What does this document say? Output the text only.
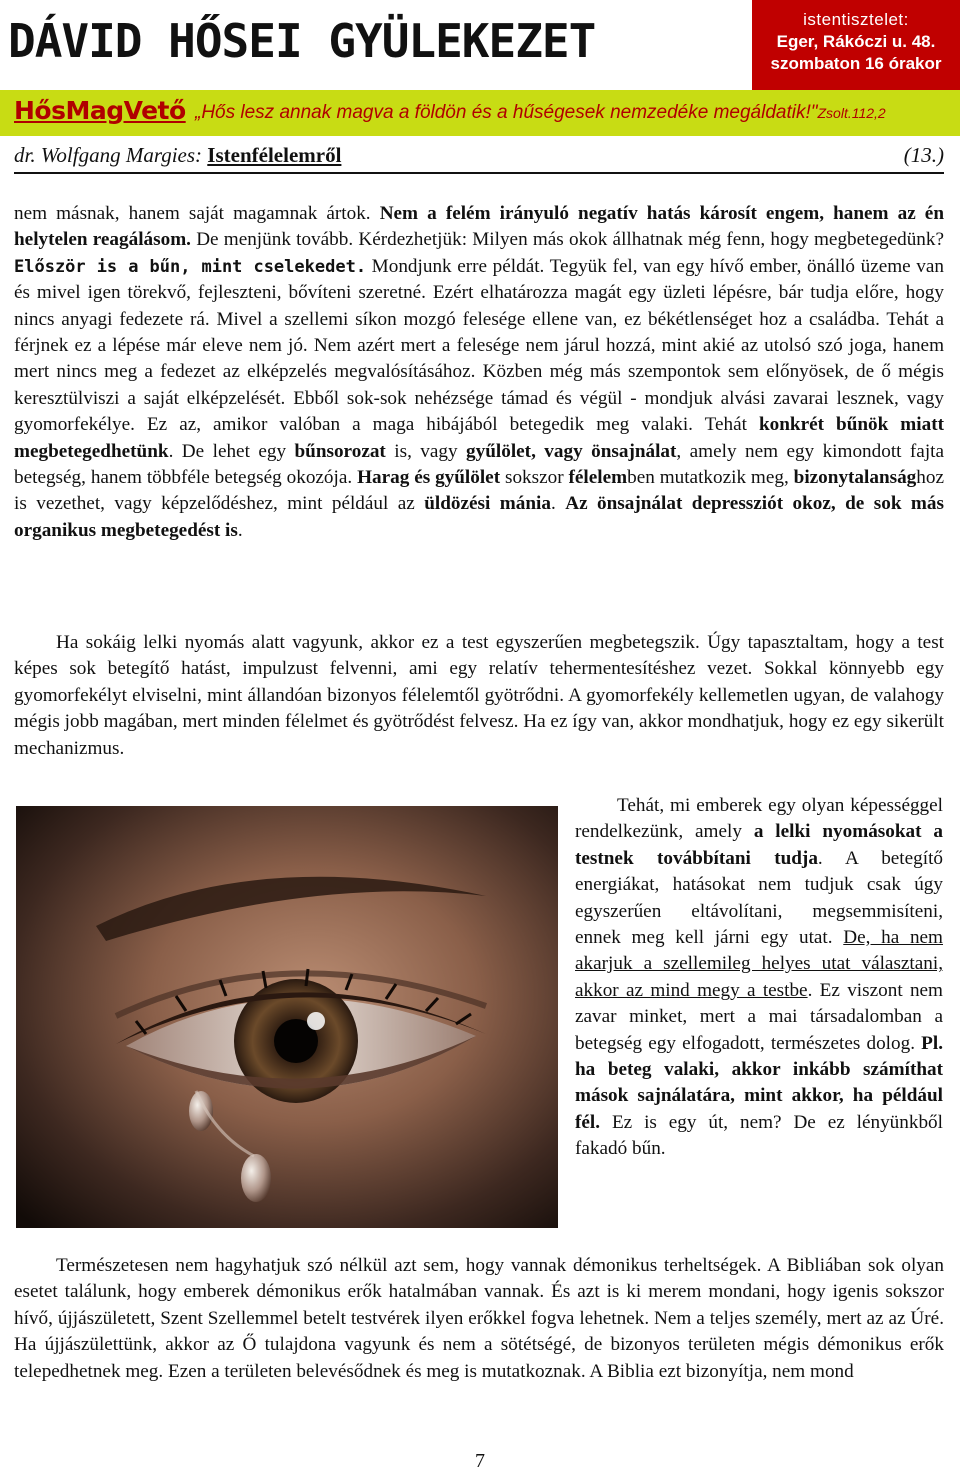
DÁVID HŐSEI GYÜLEKEZET	istentisztelet:
Eger, Rákóczi u. 48.
szombaton 16 órakor
HősMagVető „Hős lesz annak magva a földön és a hűségesek nemzedéke megáldatik!"Zsolt.112,2
dr. Wolfgang Margies: Istenfélelemről	(13.)

nem másnak, hanem saját magamnak ártok. Nem a felém irányuló negatív hatás károsít engem, hanem az én helytelen reagálásom. De menjünk tovább. Kérdezhetjük: Milyen más okok állhatnak még fenn, hogy megbetegedünk? Először is a bűn, mint cselekedet. Mondjunk erre példát. Tegyük fel, van egy hívő ember, önálló üzeme van és mivel igen törekvő, fejleszteni, bővíteni szeretné. Ezért elhatározza magát egy üzleti lépésre, bár tudja előre, hogy nincs anyagi fedezete rá. Mivel a szellemi síkon mozgó felesége ellene van, ez békétlenséget hoz a családba. Tehát a férjnek ez a lépése már eleve nem jó. Nem azért mert a felesége nem járul hozzá, mint akié az utolsó szó joga, hanem mert nincs meg a fedezet az elképzelés megvalósításához. Közben még más szempontok sem előnyösek, de ő mégis keresztülviszi a saját elképzelését. Ebből sok-sok nehézsége támad és végül - mondjuk alvási zavarai lesznek, vagy gyomorfekélye. Ez az, amikor valóban a maga hibájából betegedik meg valaki. Tehát konkrét bűnök miatt megbetegedhetünk. De lehet egy bűnsorozat is, vagy gyűlölet, vagy önsajnálat, amely nem egy kimondott fajta betegség, hanem többféle betegség okozója. Harag és gyűlölet sokszor félelemben mutatkozik meg, bizonytalansághoz is vezethet, vagy képzelődéshez, mint például az üldözési mánia. Az önsajnálat depressziót okoz, de sok más organikus megbetegedést is.

Ha sokáig lelki nyomás alatt vagyunk, akkor ez a test egyszerűen megbetegszik. Úgy tapasztaltam, hogy a test képes sok betegítő hatást, impulzust felvenni, ami egy relatív tehermentesítéshez vezet. Sokkal könnyebb egy gyomorfekélyt elviselni, mint állandóan bizonyos félelemtől gyötrődni. A gyomorfekély kellemetlen ugyan, de valahogy mégis jobb magában, mert minden félelmet és gyötrődést felvesz. Ha ez így van, akkor mondhatjuk, hogy ez egy sikerült mechanizmus.

Tehát, mi emberek egy olyan képességgel rendelkezünk, amely a lelki nyomásokat a testnek továbbítani tudja. A betegítő energiákat, hatásokat nem tudjuk csak úgy egyszerűen eltávolítani, megsemmisíteni, ennek meg kell járni egy utat. De, ha nem akarjuk a szellemileg helyes utat választani, akkor az mind megy a testbe. Ez viszont nem zavar minket, mert a mai társadalomban a betegség egy elfogadott, természetes dolog. Pl. ha beteg valaki, akkor inkább számíthat mások sajnálatára, mint akkor, ha például fél. Ez is egy út, nem? De ez lényünkből fakadó bűn.

Természetesen nem hagyhatjuk szó nélkül azt sem, hogy vannak démonikus terheltségek. A Bibliában sok olyan esetet találunk, hogy emberek démonikus erők hatalmában vannak. És azt is ki merem mondani, hogy igenis sokszor hívő, újjászületett, Szent Szellemmel betelt testvérek ilyen erőkkel fogva lehetnek. Nem a teljes személy, mert az az Úré. Ha újjászülettünk, akkor az Ő tulajdona vagyunk és nem a sötétségé, de bizonyos területen mégis démonikus erők telepedhetnek meg. Ezen a területen belevésődnek és meg is mutatkoznak. A Biblia ezt bizonyítja, nem mond

7
